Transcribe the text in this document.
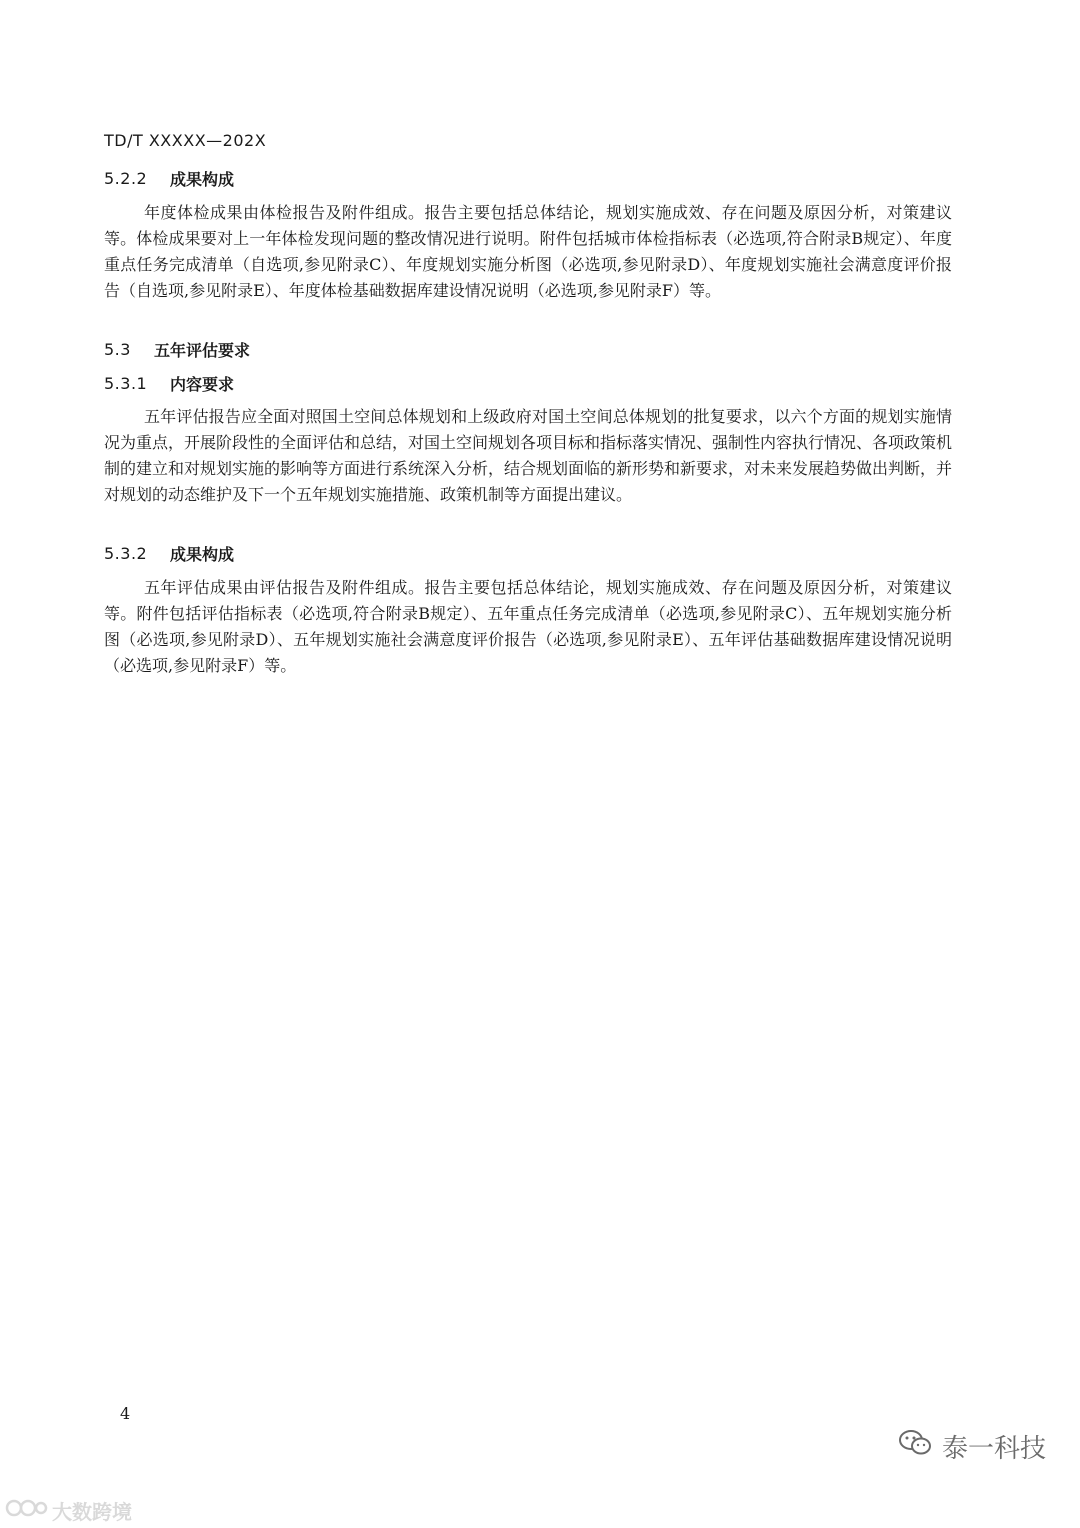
TD/T XXXXX—202X
5.2.2	成果构成
年度体检成果由体检报告及附件组成。报告主要包括总体结论，规划实施成效、存在问题及原因分析，对策建议等。体检成果要对上一年体检发现问题的整改情况进行说明。附件包括城市体检指标表（必选项,符合附录B规定）、年度重点任务完成清单（自选项,参见附录C）、年度规划实施分析图（必选项,参见附录D）、年度规划实施社会满意度评价报告（自选项,参见附录E）、年度体检基础数据库建设情况说明（必选项,参见附录F）等。
5.3	五年评估要求
5.3.1	内容要求
五年评估报告应全面对照国土空间总体规划和上级政府对国土空间总体规划的批复要求，以六个方面的规划实施情况为重点，开展阶段性的全面评估和总结，对国土空间规划各项目标和指标落实情况、强制性内容执行情况、各项政策机制的建立和对规划实施的影响等方面进行系统深入分析，结合规划面临的新形势和新要求，对未来发展趋势做出判断，并对规划的动态维护及下一个五年规划实施措施、政策机制等方面提出建议。
5.3.2	成果构成
五年评估成果由评估报告及附件组成。报告主要包括总体结论，规划实施成效、存在问题及原因分析，对策建议等。附件包括评估指标表（必选项,符合附录B规定）、五年重点任务完成清单（必选项,参见附录C）、五年规划实施分析图（必选项,参见附录D）、五年规划实施社会满意度评价报告（必选项,参见附录E）、五年评估基础数据库建设情况说明（必选项,参见附录F）等。
4
大数跨境
泰一科技
